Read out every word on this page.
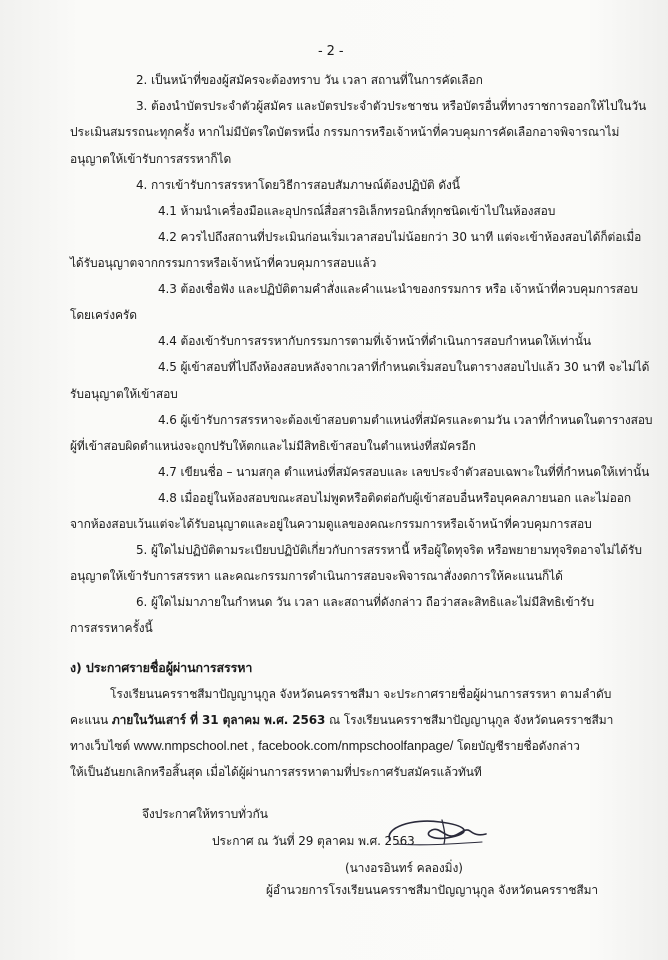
- 2 -
2. เป็นหน้าที่ของผู้สมัครจะต้องทราบ วัน เวลา สถานที่ในการคัดเลือก
3. ต้องนำบัตรประจำตัวผู้สมัคร และบัตรประจำตัวประชาชน หรือบัตรอื่นที่ทางราชการออกให้ไปในวัน
ประเมินสมรรถนะทุกครั้ง หากไม่มีบัตรใดบัตรหนึ่ง กรรมการหรือเจ้าหน้าที่ควบคุมการคัดเลือกอาจพิจารณาไม่
อนุญาตให้เข้ารับการสรรหาก็ได
4. การเข้ารับการสรรหาโดยวิธีการสอบสัมภาษณ์ต้องปฏิบัติ ดังนี้
4.1 ห้ามนำเครื่องมือและอุปกรณ์สื่อสารอิเล็กทรอนิกส์ทุกชนิดเข้าไปในห้องสอบ
4.2 ควรไปถึงสถานที่ประเมินก่อนเริ่มเวลาสอบไม่น้อยกว่า 30 นาที แต่จะเข้าห้องสอบได้ก็ต่อเมื่อ
ได้รับอนุญาตจากกรรมการหรือเจ้าหน้าที่ควบคุมการสอบแล้ว
4.3 ต้องเชื่อฟัง และปฏิบัติตามคำสั่งและคำแนะนำของกรรมการ หรือ เจ้าหน้าที่ควบคุมการสอบ
โดยเคร่งครัด
4.4 ต้องเข้ารับการสรรหากับกรรมการตามที่เจ้าหน้าที่ดำเนินการสอบกำหนดให้เท่านั้น
4.5 ผู้เข้าสอบที่ไปถึงห้องสอบหลังจากเวลาที่กำหนดเริ่มสอบในตารางสอบไปแล้ว 30 นาที จะไม่ได้
รับอนุญาตให้เข้าสอบ
4.6 ผู้เข้ารับการสรรหาจะต้องเข้าสอบตามตำแหน่งที่สมัครและตามวัน เวลาที่กำหนดในตารางสอบ
ผู้ที่เข้าสอบผิดตำแหน่งจะถูกปรับให้ตกและไม่มีสิทธิเข้าสอบในตำแหน่งที่สมัครอีก
4.7 เขียนชื่อ – นามสกุล ตำแหน่งที่สมัครสอบและ เลขประจำตัวสอบเฉพาะในที่ที่กำหนดให้เท่านั้น
4.8 เมื่ออยู่ในห้องสอบขณะสอบไม่พูดหรือติดต่อกับผู้เข้าสอบอื่นหรือบุคคลภายนอก และไม่ออก
จากห้องสอบเว้นแต่จะได้รับอนุญาตและอยู่ในความดูแลของคณะกรรมการหรือเจ้าหน้าที่ควบคุมการสอบ
5. ผู้ใดไม่ปฏิบัติตามระเบียบปฏิบัติเกี่ยวกับการสรรหานี้ หรือผู้ใดทุจริต หรือพยายามทุจริตอาจไม่ได้รับ
อนุญาตให้เข้ารับการสรรหา และคณะกรรมการดำเนินการสอบจะพิจารณาสั่งงดการให้คะแนนก็ได้
6. ผู้ใดไม่มาภายในกำหนด วัน เวลา และสถานที่ดังกล่าว ถือว่าสละสิทธิและไม่มีสิทธิเข้ารับ
การสรรหาครั้งนี้
ง) ประกาศรายชื่อผู้ผ่านการสรรหา
โรงเรียนนครราชสีมาปัญญานุกูล จังหวัดนครราชสีมา จะประกาศรายชื่อผู้ผ่านการสรรหา ตามลำดับ
คะแนน ภายในวันเสาร์ ที่ 31 ตุลาคม พ.ศ. 2563 ณ โรงเรียนนครราชสีมาปัญญานุกูล จังหวัดนครราชสีมา
ทางเว็บไซต์ www.nmpschool.net , facebook.com/nmpschoolfanpage/ โดยบัญชีรายชื่อดังกล่าว
ให้เป็นอันยกเลิกหรือสิ้นสุด เมื่อได้ผู้ผ่านการสรรหาตามที่ประกาศรับสมัครแล้วทันที
จึงประกาศให้ทราบทั่วกัน
ประกาศ ณ วันที่ 29 ตุลาคม พ.ศ. 2563
(นางอรอินทร์ คลองมิ่ง)
ผู้อำนวยการโรงเรียนนครราชสีมาปัญญานุกูล จังหวัดนครราชสีมา
